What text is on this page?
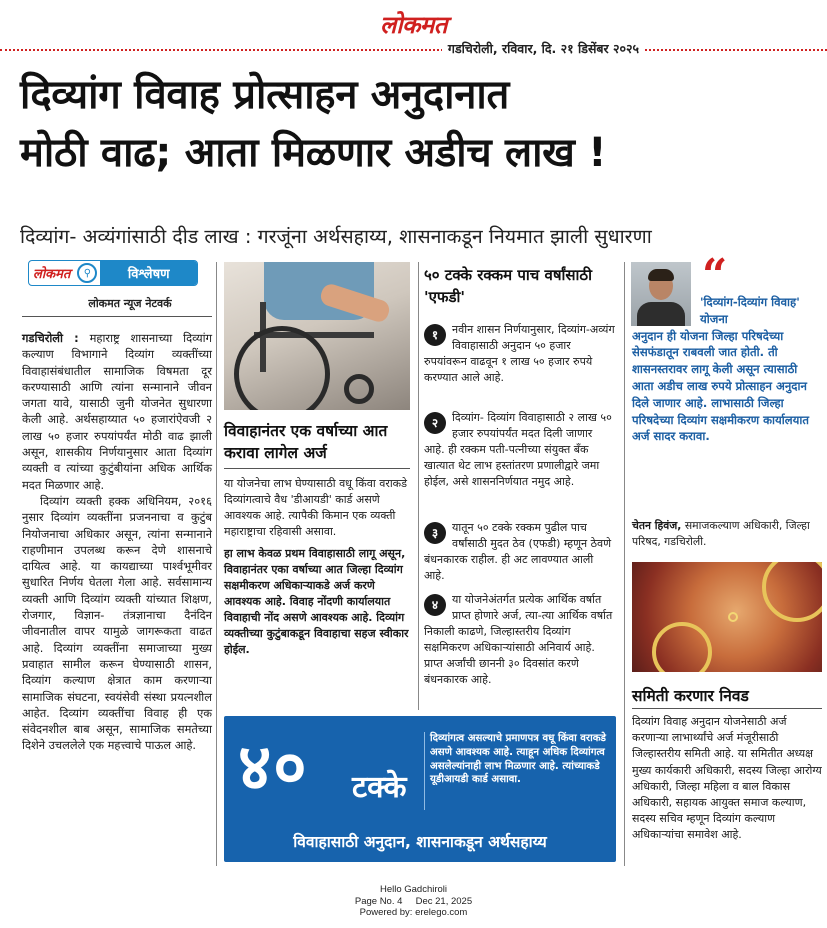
लोकमत
गडचिरोली, रविवार, दि. २१ डिसेंबर २०२५
दिव्यांग विवाह प्रोत्साहन अनुदानात
मोठी वाढ; आता मिळणार अडीच लाख !
दिव्यांग- अव्यंगांसाठी दीड लाख : गरजूंना अर्थसहाय्य, शासनाकडून नियमात झाली सुधारणा
लोकमत	⚲	विश्लेषण
लोकमत न्यूज नेटवर्क

गडचिरोली : महाराष्ट्र शासनाच्या दिव्यांग कल्याण विभागाने दिव्यांग व्यक्तींच्या विवाहासंबंधातील सामाजिक विषमता दूर करण्यासाठी आणि त्यांना सन्मानाने जीवन जगता यावे, यासाठी जुनी योजनेत सुधारणा केली आहे. अर्थसहाय्यात ५० हजारांऐवजी २ लाख ५० हजार रुपयांपर्यंत मोठी वाढ झाली असून, शासकीय निर्णयानुसार आता दिव्यांग व्यक्ती व त्यांच्या कुटुंबीयांना अधिक आर्थिक मदत मिळणार आहे.

दिव्यांग व्यक्ती हक्क अधिनियम, २०१६ नुसार दिव्यांग व्यक्तींना प्रजननाचा व कुटुंब नियोजनाचा अधिकार असून, त्यांना सन्मानाने राहणीमान उपलब्ध करून देणे शासनाचे दायित्व आहे. या कायद्याच्या पार्श्वभूमीवर सुधारित निर्णय घेतला गेला आहे. सर्वसामान्य व्यक्ती आणि दिव्यांग व्यक्ती यांच्यात शिक्षण, रोजगार, विज्ञान- तंत्रज्ञानाचा दैनंदिन जीवनातील वापर यामुळे जागरूकता वाढत आहे. दिव्यांग व्यक्तींना समाजाच्या मुख्य प्रवाहात सामील करून घेण्यासाठी शासन, दिव्यांग कल्याण क्षेत्रात काम करणाऱ्या सामाजिक संघटना, स्वयंसेवी संस्था प्रयत्नशील आहेत. दिव्यांग व्यक्तींचा विवाह ही एक संवेदनशील बाब असून, सामाजिक समतेच्या दिशेने उचललेले एक महत्त्वाचे पाऊल आहे.

विवाहानंतर एक वर्षाच्या आत करावा लागेल अर्ज

या योजनेचा लाभ घेण्यासाठी वधू किंवा वराकडे दिव्यांगत्वाचे वैध 'डीआयडी' कार्ड असणे आवश्यक आहे. त्यापैकी किमान एक व्यक्ती महाराष्ट्राचा रहिवासी असावा.

हा लाभ केवळ प्रथम विवाहासाठी लागू असून, विवाहानंतर एका वर्षाच्या आत जिल्हा दिव्यांग सक्षमीकरण अधिकाऱ्याकडे अर्ज करणे आवश्यक आहे. विवाह नोंदणी कार्यालयात विवाहाची नोंद असणे आवश्यक आहे. दिव्यांग व्यक्तीच्या कुटुंबाकडून विवाहाचा सहज स्वीकार होईल.

५० टक्के रक्कम पाच वर्षांसाठी 'एफडी'
१	नवीन शासन निर्णयानुसार, दिव्यांग-अव्यंग विवाहासाठी अनुदान ५० हजार रुपयांवरून वाढवून १ लाख ५० हजार रुपये करण्यात आले आहे.
२	दिव्यांग- दिव्यांग विवाहासाठी २ लाख ५० हजार रुपयांपर्यंत मदत दिली जाणार आहे. ही रक्कम पती-पत्नीच्या संयुक्त बँक खात्यात थेट लाभ हस्तांतरण प्रणालीद्वारे जमा होईल, असे शासननिर्णयात नमुद आहे.
३	यातून ५० टक्के रक्कम पुढील पाच वर्षांसाठी मुदत ठेव (एफडी) म्हणून ठेवणे बंधनकारक राहील. ही अट लावण्यात आली आहे.
४	या योजनेअंतर्गत प्रत्येक आर्थिक वर्षात प्राप्त होणारे अर्ज, त्या-त्या आर्थिक वर्षात निकाली काढणे, जिल्हास्तरीय दिव्यांग सक्षमिकरण अधिकाऱ्यांसाठी अनिवार्य आहे. प्राप्त अर्जांची छाननी ३० दिवसांत करणे बंधनकारक आहे.
“
'दिव्यांग-दिव्यांग विवाह' योजना
अनुदान ही योजना जिल्हा परिषदेच्या सेसफंडातून राबवली जात होती. ती शासनस्तरावर लागू केली असून त्यासाठी आता अडीच लाख रुपये प्रोत्साहन अनुदान दिले जाणार आहे. लाभासाठी जिल्हा परिषदेच्या दिव्यांग सक्षमीकरण कार्यालयात अर्ज सादर करावा.
चेतन हिवंज, समाजकल्याण अधिकारी, जिल्हा परिषद, गडचिरोली.
समिती करणार निवड
दिव्यांग विवाह अनुदान योजनेसाठी अर्ज करणाऱ्या लाभार्थ्यांचे अर्ज मंजूरीसाठी जिल्हास्तरीय समिती आहे. या समितीत अध्यक्ष मुख्य कार्यकारी अधिकारी, सदस्य जिल्हा आरोग्य अधिकारी, जिल्हा महिला व बाल विकास अधिकारी, सहायक आयुक्त समाज कल्याण, सदस्य सचिव म्हणून दिव्यांग कल्याण अधिकाऱ्यांचा समावेश आहे.
४० टक्के
दिव्यांगत्व असल्याचे प्रमाणपत्र वधू किंवा वराकडे असणे आवश्यक आहे. त्याहून अधिक दिव्यांगत्व असलेल्यांनाही लाभ मिळणार आहे. त्यांच्याकडे यूडीआयडी कार्ड असावा.
विवाहासाठी अनुदान, शासनाकडून अर्थसहाय्य
Hello Gadchiroli
Page No. 4     Dec 21, 2025
Powered by: erelego.com
